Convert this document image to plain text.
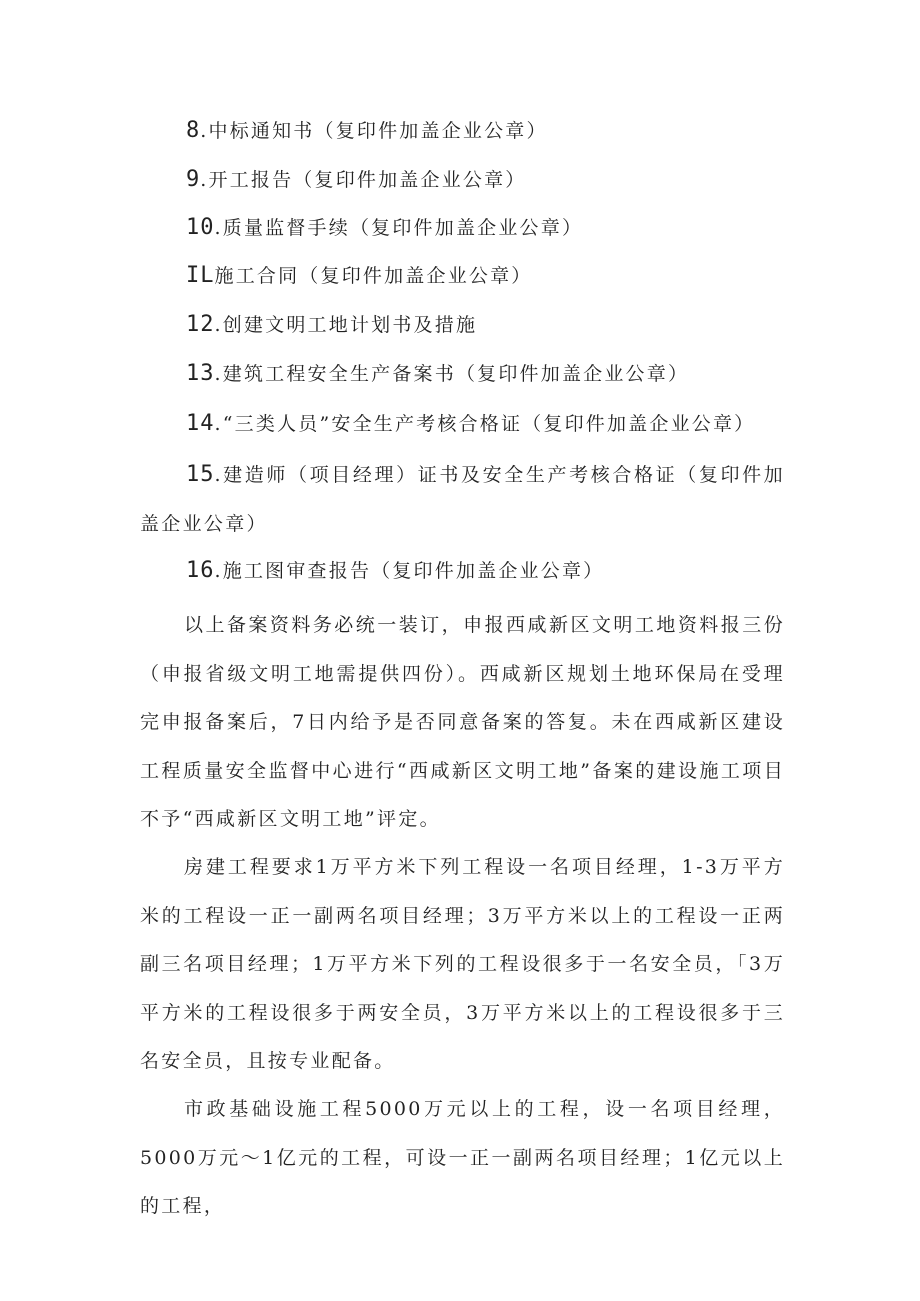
8.中标通知书（复印件加盖企业公章）
9.开工报告（复印件加盖企业公章）
10.质量监督手续（复印件加盖企业公章）
IL施工合同（复印件加盖企业公章）
12.创建文明工地计划书及措施
13.建筑工程安全生产备案书（复印件加盖企业公章）
14.“三类人员”安全生产考核合格证（复印件加盖企业公章）
15.建造师（项目经理）证书及安全生产考核合格证（复印件加盖企业公章）
16.施工图审查报告（复印件加盖企业公章）

以上备案资料务必统一装订，申报西咸新区文明工地资料报三份（申报省级文明工地需提供四份）。西咸新区规划土地环保局在受理完申报备案后，7日内给予是否同意备案的答复。未在西咸新区建设工程质量安全监督中心进行“西咸新区文明工地”备案的建设施工项目不予“西咸新区文明工地”评定。

房建工程要求1万平方米下列工程设一名项目经理，1-3万平方米的工程设一正一副两名项目经理；3万平方米以上的工程设一正两副三名项目经理；1万平方米下列的工程设很多于一名安全员，「3万平方米的工程设很多于两安全员，3万平方米以上的工程设很多于三名安全员，且按专业配备。

市政基础设施工程5000万元以上的工程，设一名项目经理，5000万元～1亿元的工程，可设一正一副两名项目经理；1亿元以上的工程，
